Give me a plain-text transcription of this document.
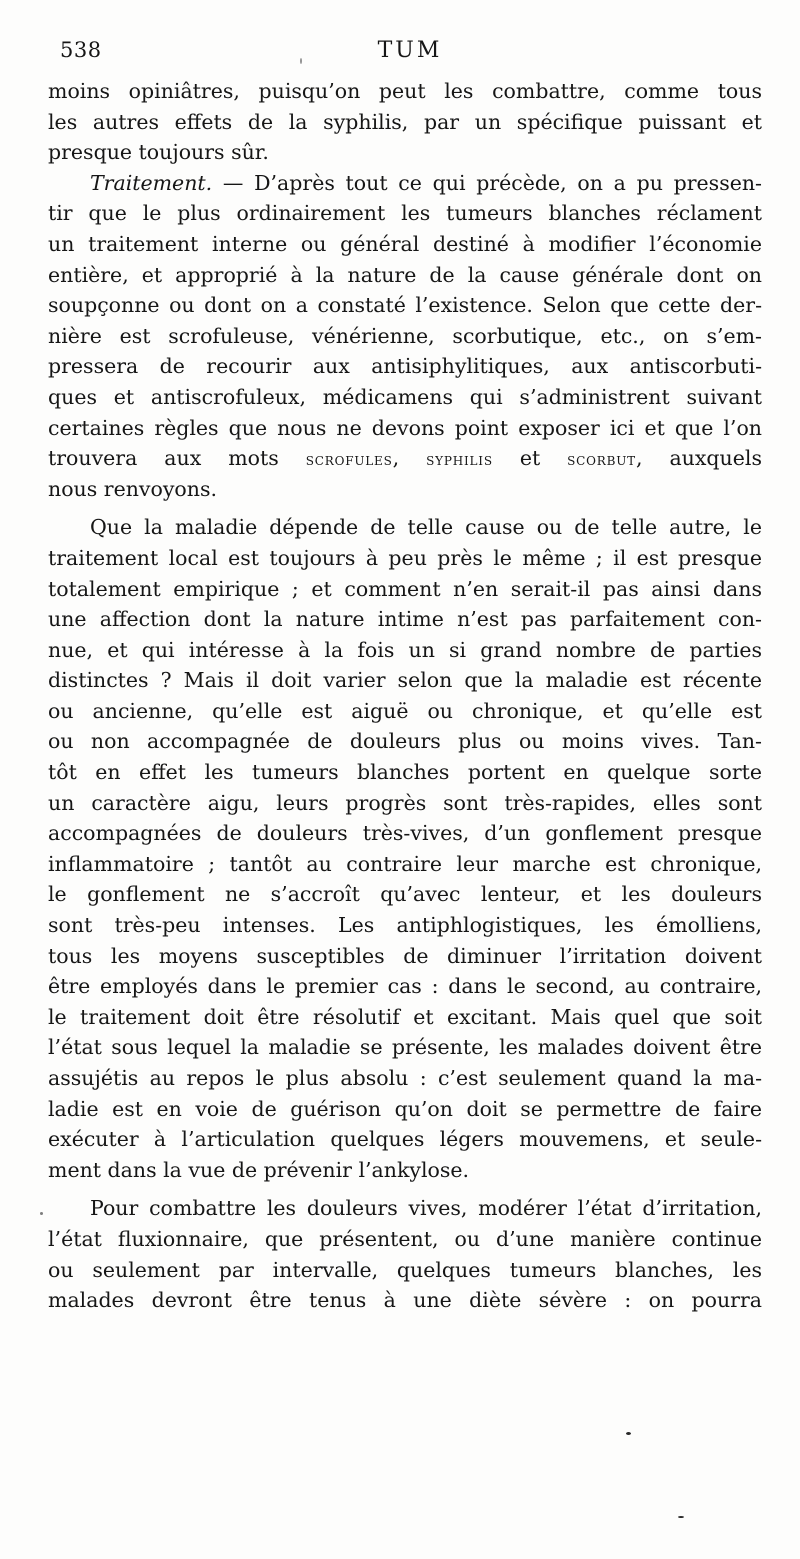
538	TUM
moins opiniâtres, puisqu’on peut les combattre, comme tous
les autres effets de la syphilis, par un spécifique puissant et
presque toujours sûr.
Traitement. — D’après tout ce qui précède, on a pu pressen-
tir que le plus ordinairement les tumeurs blanches réclament
un traitement interne ou général destiné à modifier l’économie
entière, et approprié à la nature de la cause générale dont on
soupçonne ou dont on a constaté l’existence. Selon que cette der-
nière est scrofuleuse, vénérienne, scorbutique, etc., on s’em-
pressera de recourir aux antisiphylitiques, aux antiscorbuti-
ques et antiscrofuleux, médicamens qui s’administrent suivant
certaines règles que nous ne devons point exposer ici et que l’on
trouvera aux mots scrofules, syphilis et scorbut, auxquels
nous renvoyons.
Que la maladie dépende de telle cause ou de telle autre, le
traitement local est toujours à peu près le même ; il est presque
totalement empirique ; et comment n’en serait-il pas ainsi dans
une affection dont la nature intime n’est pas parfaitement con-
nue, et qui intéresse à la fois un si grand nombre de parties
distinctes ? Mais il doit varier selon que la maladie est récente
ou ancienne, qu’elle est aiguë ou chronique, et qu’elle est
ou non accompagnée de douleurs plus ou moins vives. Tan-
tôt en effet les tumeurs blanches portent en quelque sorte
un caractère aigu, leurs progrès sont très-rapides, elles sont
accompagnées de douleurs très-vives, d’un gonflement presque
inflammatoire ; tantôt au contraire leur marche est chronique,
le gonflement ne s’accroît qu’avec lenteur, et les douleurs
sont très-peu intenses. Les antiphlogistiques, les émolliens,
tous les moyens susceptibles de diminuer l’irritation doivent
être employés dans le premier cas : dans le second, au contraire,
le traitement doit être résolutif et excitant. Mais quel que soit
l’état sous lequel la maladie se présente, les malades doivent être
assujétis au repos le plus absolu : c’est seulement quand la ma-
ladie est en voie de guérison qu’on doit se permettre de faire
exécuter à l’articulation quelques légers mouvemens, et seule-
ment dans la vue de prévenir l’ankylose.
Pour combattre les douleurs vives, modérer l’état d’irritation,
l’état fluxionnaire, que présentent, ou d’une manière continue
ou seulement par intervalle, quelques tumeurs blanches, les
malades devront être tenus à une diète sévère : on pourra
